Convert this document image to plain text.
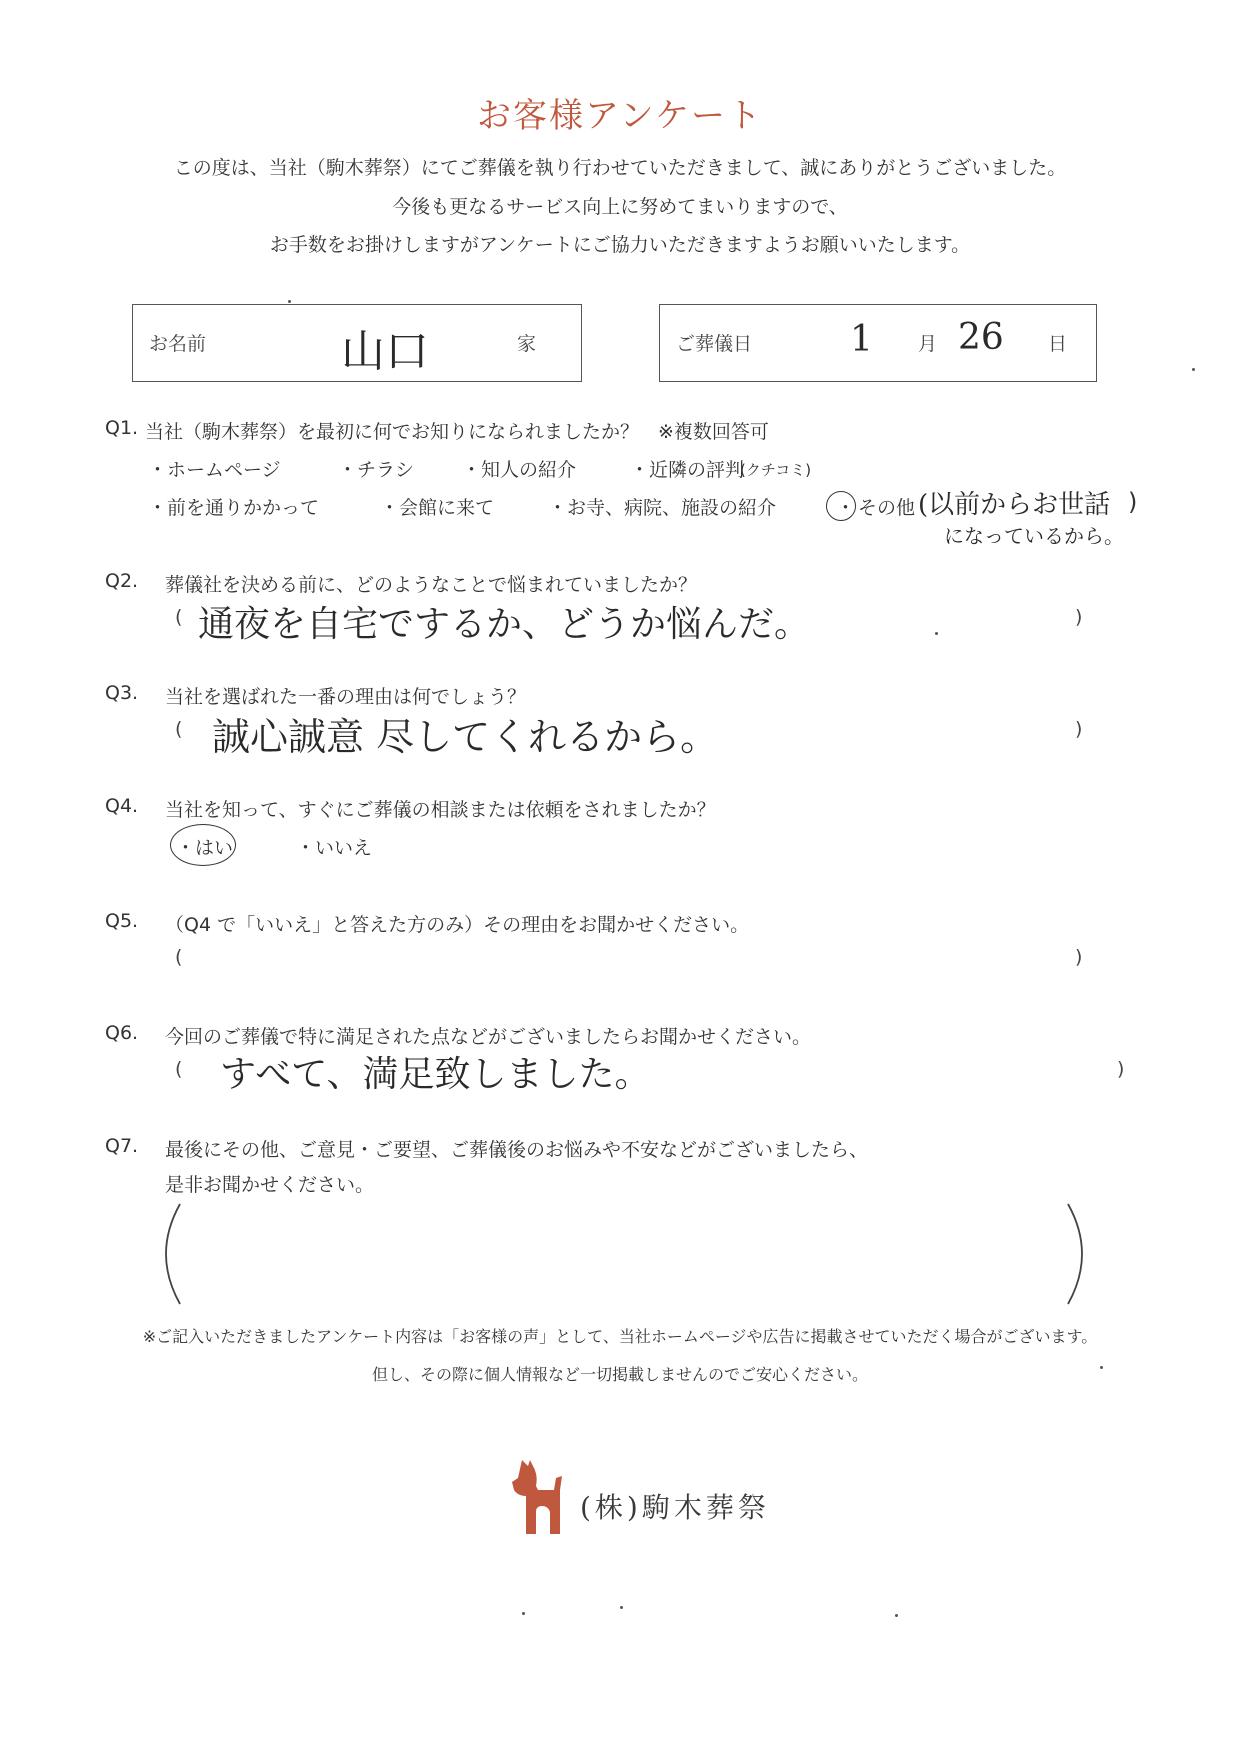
お客様アンケート
この度は、当社（駒木葬祭）にてご葬儀を執り行わせていただきまして、誠にありがとうございました。
今後も更なるサービス向上に努めてまいりますので、
お手数をお掛けしますがアンケートにご協力いただきますようお願いいたします。
お名前	山口	家	ご葬儀日	1 月 26 日
Q1. 当社（駒木葬祭）を最初に何でお知りになられましたか？　※複数回答可
・ホームページ	・チラシ	・知人の紹介	・近隣の評判
(クチコミ)
・前を通りかかって	・会館に来て	・お寺、病院、施設の紹介	・ その他 (以前からお世話 )
になっているから。
Q2. 葬儀社を決める前に、どのようなことで悩まれていましたか？
( 通夜を自宅でするか、どうか悩んだ。	)
Q3. 当社を選ばれた一番の理由は何でしょう？
( 誠心誠意 尽してくれるから。	)
Q4. 当社を知って、すぐにご葬儀の相談または依頼をされましたか？
・はい	・いいえ
Q5. （Q4 で「いいえ」と答えた方のみ）その理由をお聞かせください。
(	)
Q6. 今回のご葬儀で特に満足された点などがございましたらお聞かせください。
( すべて、満足致しました。	)
Q7. 最後にその他、ご意見・ご要望、ご葬儀後のお悩みや不安などがございましたら、
是非お聞かせください。
※ご記入いただきましたアンケート内容は「お客様の声」として、当社ホームページや広告に掲載させていただく場合がございます。
但し、その際に個人情報など一切掲載しませんのでご安心ください。
(株)駒木葬祭
